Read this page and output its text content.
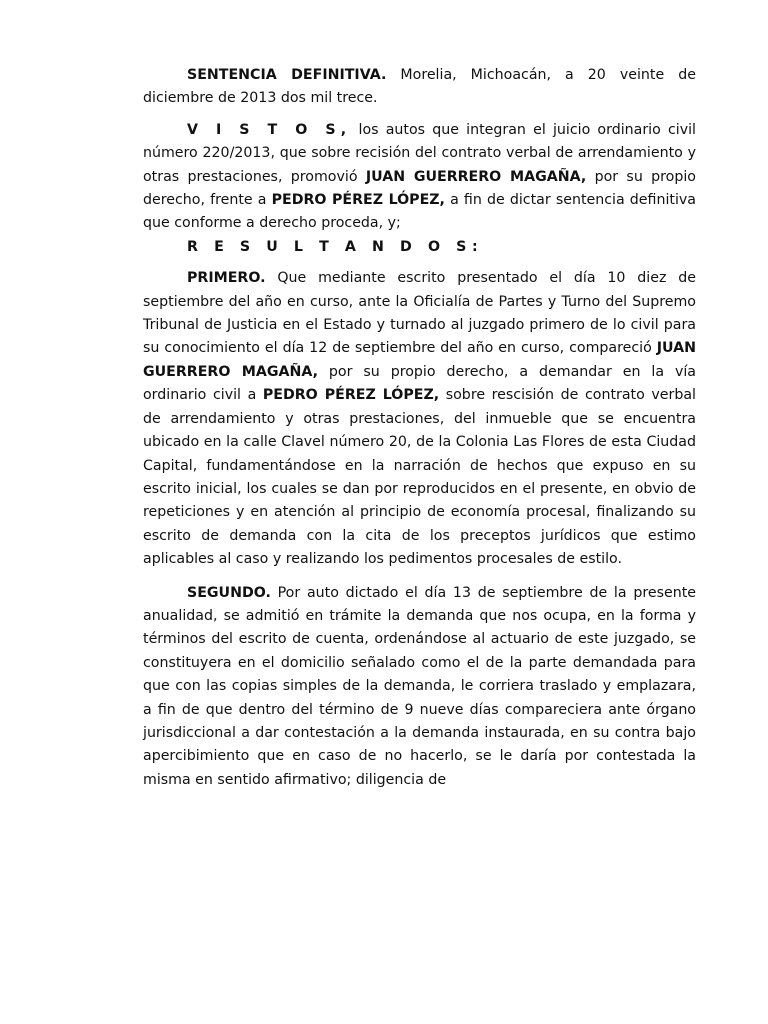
SENTENCIA DEFINITIVA. Morelia, Michoacán, a 20 veinte de diciembre de 2013 dos mil trece.

V I S T O S, los autos que integran el juicio ordinario civil número 220/2013, que sobre recisión del contrato verbal de arrendamiento y otras prestaciones, promovió JUAN GUERRERO MAGAÑA, por su propio derecho, frente a PEDRO PÉREZ LÓPEZ, a fin de dictar sentencia definitiva que conforme a derecho proceda, y;

R E S U L T A N D O S:

PRIMERO. Que mediante escrito presentado el día 10 diez de septiembre del año en curso, ante la Oficialía de Partes y Turno del Supremo Tribunal de Justicia en el Estado y turnado al juzgado primero de lo civil para su conocimiento el día 12 de septiembre del año en curso, compareció JUAN GUERRERO MAGAÑA, por su propio derecho, a demandar en la vía ordinario civil a PEDRO PÉREZ LÓPEZ, sobre rescisión de contrato verbal de arrendamiento y otras prestaciones, del inmueble que se encuentra ubicado en la calle Clavel número 20, de la Colonia Las Flores de esta Ciudad Capital, fundamentándose en la narración de hechos que expuso en su escrito inicial, los cuales se dan por reproducidos en el presente, en obvio de repeticiones y en atención al principio de economía procesal, finalizando su escrito de demanda con la cita de los preceptos jurídicos que estimo aplicables al caso y realizando los pedimentos procesales de estilo.

SEGUNDO. Por auto dictado el día 13 de septiembre de la presente anualidad, se admitió en trámite la demanda que nos ocupa, en la forma y términos del escrito de cuenta, ordenándose al actuario de este juzgado, se constituyera en el domicilio señalado como el de la parte demandada para que con las copias simples de la demanda, le corriera traslado y emplazara, a fin de que dentro del término de 9 nueve días compareciera ante órgano jurisdiccional a dar contestación a la demanda instaurada, en su contra bajo apercibimiento que en caso de no hacerlo, se le daría por contestada la misma en sentido afirmativo; diligencia de
